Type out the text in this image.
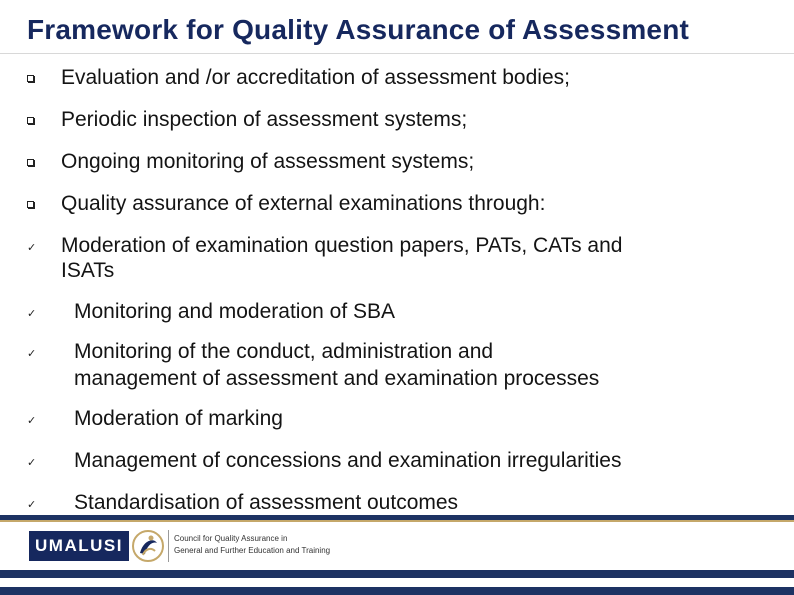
Framework for Quality Assurance of Assessment
Evaluation and /or accreditation of assessment bodies;
Periodic inspection of assessment systems;
Ongoing monitoring of assessment systems;
Quality assurance of external examinations through:
✓ Moderation of examination question papers, PATs, CATs and
ISATs
✓ Monitoring and moderation of SBA
✓ Monitoring of the conduct, administration and
management of assessment and examination processes
✓ Moderation of marking
✓ Management of concessions and examination irregularities
✓ Standardisation of assessment outcomes
UMALUSI	Council for Quality Assurance in
General and Further Education and Training
